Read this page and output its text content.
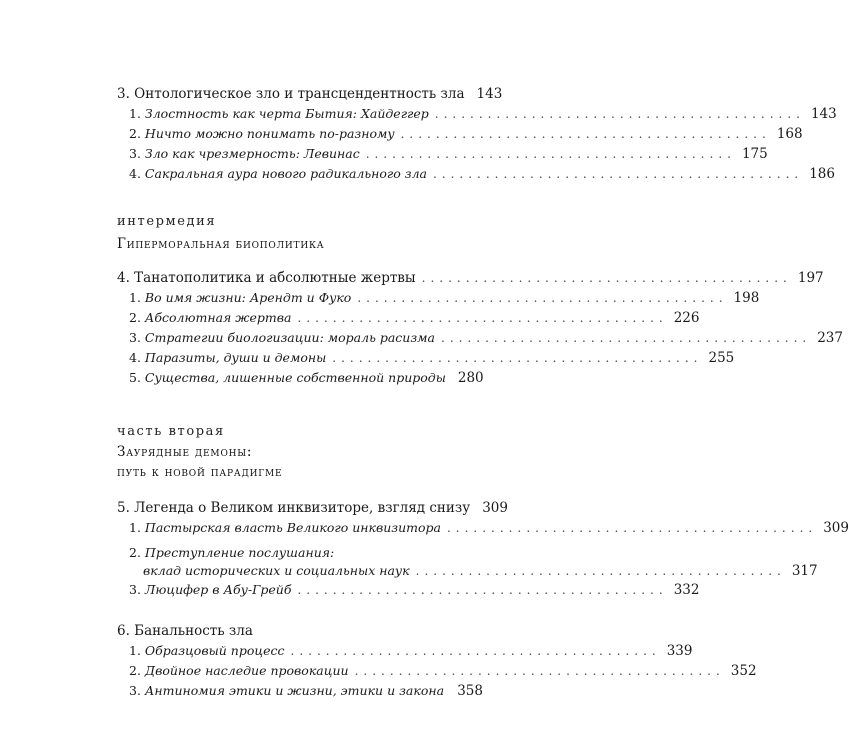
3. Онтологическое зло и трансцендентность зла 143
1. Злостность как черта Бытия: Хайдеггер .......................................... 143
2. Ничто можно понимать по-разному .......................................... 168
3. Зло как чрезмерность: Левинас .......................................... 175
4. Сакральная аура нового радикального зла .......................................... 186
интермедия
Гиперморальная биополитика
4. Танатополитика и абсолютные жертвы .......................................... 197
1. Во имя жизни: Арендт и Фуко .......................................... 198
2. Абсолютная жертва .......................................... 226
3. Стратегии биологизации: мораль расизма .......................................... 237
4. Паразиты, души и демоны .......................................... 255
5. Существа, лишенные собственной природы 280
часть вторая
Заурядные демоны:
путь к новой парадигме
5. Легенда о Великом инквизиторе, взгляд снизу 309
1. Пастырская власть Великого инквизитора .......................................... 309
2. Преступление послушания:
вклад исторических и социальных наук .......................................... 317
3. Люцифер в Абу-Грейб .......................................... 332
6. Банальность зла
1. Образцовый процесс .......................................... 339
2. Двойное наследие провокации .......................................... 352
3. Антиномия этики и жизни, этики и закона 358
